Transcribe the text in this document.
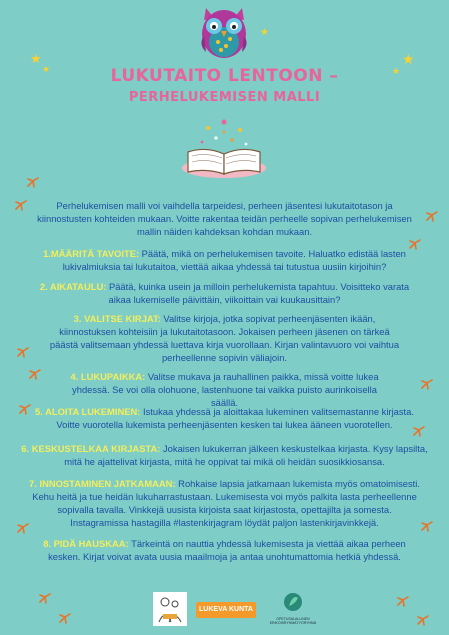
★
★
★
★
★
LUKUTAITO LENTOON –
PERHELUKEMISEN MALLI
Perhelukemisen malli voi vaihdella tarpeidesi, perheen jäsentesi lukutaitotason ja kiinnostusten kohteiden mukaan. Voitte rakentaa teidän perheelle sopivan perhelukemisen mallin näiden kahdeksan kohdan mukaan.
1.MÄÄRITÄ TAVOITE: Päätä, mikä on perhelukemisen tavoite. Haluatko edistää lasten lukivalmiuksia tai lukutaitoa, viettää aikaa yhdessä tai tutustua uusiin kirjoihin?
2. AIKATAULU: Päätä, kuinka usein ja milloin perhelukemista tapahtuu. Voisitteko varata aikaa lukemiselle päivittäin, viikoittain vai kuukausittain?
3. VALITSE KIRJAT: Valitse kirjoja, jotka sopivat perheenjäsenten ikään, kiinnostuksen kohteisiin ja lukutaitotasoon. Jokaisen perheen jäsenen on tärkeä päästä valitsemaan yhdessä luettava kirja vuorollaan. Kirjan valintavuoro voi vaihtua perheellenne sopivin väliajoin.
4. LUKUPAIKKA: Valitse mukava ja rauhallinen paikka, missä voitte lukea yhdessä. Se voi olla olohuone, lastenhuone tai vaikka puisto aurinkoisella säällä.
5. ALOITA LUKEMINEN: Istukaa yhdessä ja aloittakaa lukeminen valitsemastanne kirjasta. Voitte vuorotella lukemista perheenjäsenten kesken tai lukea ääneen vuorotellen.
6. KESKUSTELKAA KIRJASTA: Jokaisen lukukerran jälkeen keskustelkaa kirjasta. Kysy lapsilta, mitä he ajattelivat kirjasta, mitä he oppivat tai mikä oli heidän suosikkiosansa.
7. INNOSTAMINEN JATKAMAAN: Rohkaise lapsia jatkamaan lukemista myös omatoimisesti. Kehu heitä ja tue heidän lukuharrastustaan. Lukemisesta voi myös palkita lasta perheellenne sopivalla tavalla. Vinkkejä uusista kirjoista saat kirjastosta, opettajilta ja somesta. Instagramissa hastagilla #lastenkirjagram löydät paljon lastenkirjavinkkejä.
8. PIDÄ HAUSKAA: Tärkeintä on nauttia yhdessä lukemisesta ja viettää aikaa perheen kesken. Kirjat voivat avata uusia maailmoja ja antaa unohtumattomia hetkiä yhdessä.
LUKEVA KUNTA
OPETUSALALLINEN ERIKOISRYHMÄTYÖRYHMÄ
